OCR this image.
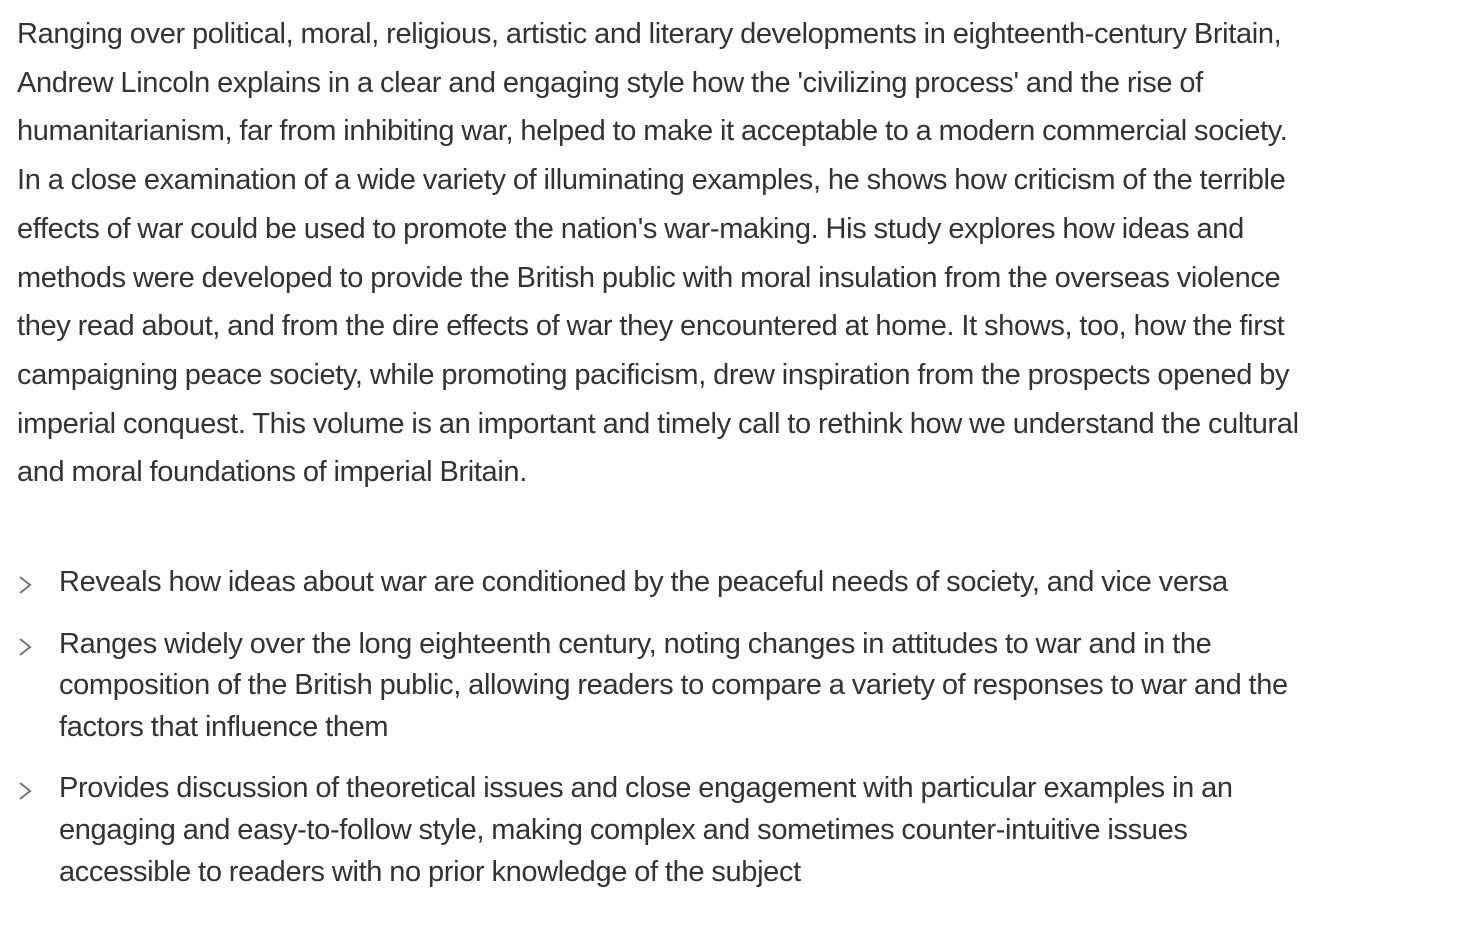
Ranging over political, moral, religious, artistic and literary developments in eighteenth-century Britain,
Andrew Lincoln explains in a clear and engaging style how the 'civilizing process' and the rise of
humanitarianism, far from inhibiting war, helped to make it acceptable to a modern commercial society.
In a close examination of a wide variety of illuminating examples, he shows how criticism of the terrible
effects of war could be used to promote the nation's war-making. His study explores how ideas and
methods were developed to provide the British public with moral insulation from the overseas violence
they read about, and from the dire effects of war they encountered at home. It shows, too, how the first
campaigning peace society, while promoting pacificism, drew inspiration from the prospects opened by
imperial conquest. This volume is an important and timely call to rethink how we understand the cultural
and moral foundations of imperial Britain.

Reveals how ideas about war are conditioned by the peaceful needs of society, and vice versa
Ranges widely over the long eighteenth century, noting changes in attitudes to war and in the
composition of the British public, allowing readers to compare a variety of responses to war and the
factors that influence them
Provides discussion of theoretical issues and close engagement with particular examples in an
engaging and easy-to-follow style, making complex and sometimes counter-intuitive issues
accessible to readers with no prior knowledge of the subject
